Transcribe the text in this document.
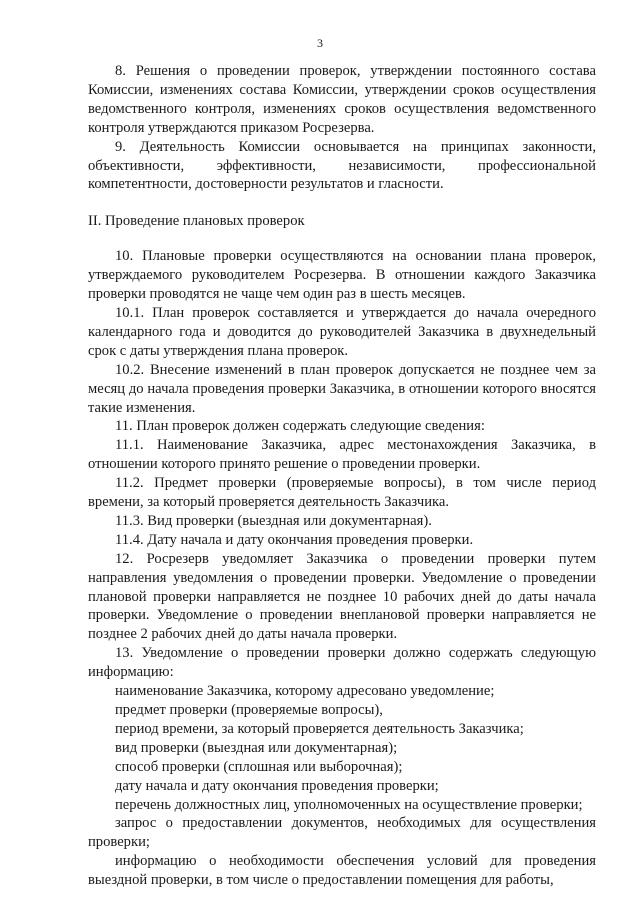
3

8. Решения о проведении проверок, утверждении постоянного состава Комиссии, изменениях состава Комиссии, утверждении сроков осуществления ведомственного контроля, изменениях сроков осуществления ведомственного контроля утверждаются приказом Росрезерва.

9. Деятельность Комиссии основывается на принципах законности, объективности, эффективности, независимости, профессиональной компетентности, достоверности результатов и гласности.

II. Проведение плановых проверок

10. Плановые проверки осуществляются на основании плана проверок, утверждаемого руководителем Росрезерва. В отношении каждого Заказчика проверки проводятся не чаще чем один раз в шесть месяцев.

10.1. План проверок составляется и утверждается до начала очередного календарного года и доводится до руководителей Заказчика в двухнедельный срок с даты утверждения плана проверок.

10.2. Внесение изменений в план проверок допускается не позднее чем за месяц до начала проведения проверки Заказчика, в отношении которого вносятся такие изменения.

11. План проверок должен содержать следующие сведения:

11.1. Наименование Заказчика, адрес местонахождения Заказчика, в отношении которого принято решение о проведении проверки.

11.2. Предмет проверки (проверяемые вопросы), в том числе период времени, за который проверяется деятельность Заказчика.

11.3. Вид проверки (выездная или документарная).

11.4. Дату начала и дату окончания проведения проверки.

12. Росрезерв уведомляет Заказчика о проведении проверки путем направления уведомления о проведении проверки. Уведомление о проведении плановой проверки направляется не позднее 10 рабочих дней до даты начала проверки. Уведомление о проведении внеплановой проверки направляется не позднее 2 рабочих дней до даты начала проверки.

13. Уведомление о проведении проверки должно содержать следующую информацию:

наименование Заказчика, которому адресовано уведомление;

предмет проверки (проверяемые вопросы),

период времени, за который проверяется деятельность Заказчика;

вид проверки (выездная или документарная);

способ проверки (сплошная или выборочная);

дату начала и дату окончания проведения проверки;

перечень должностных лиц, уполномоченных на осуществление проверки;

запрос о предоставлении документов, необходимых для осуществления проверки;

информацию о необходимости обеспечения условий для проведения выездной проверки, в том числе о предоставлении помещения для работы,
